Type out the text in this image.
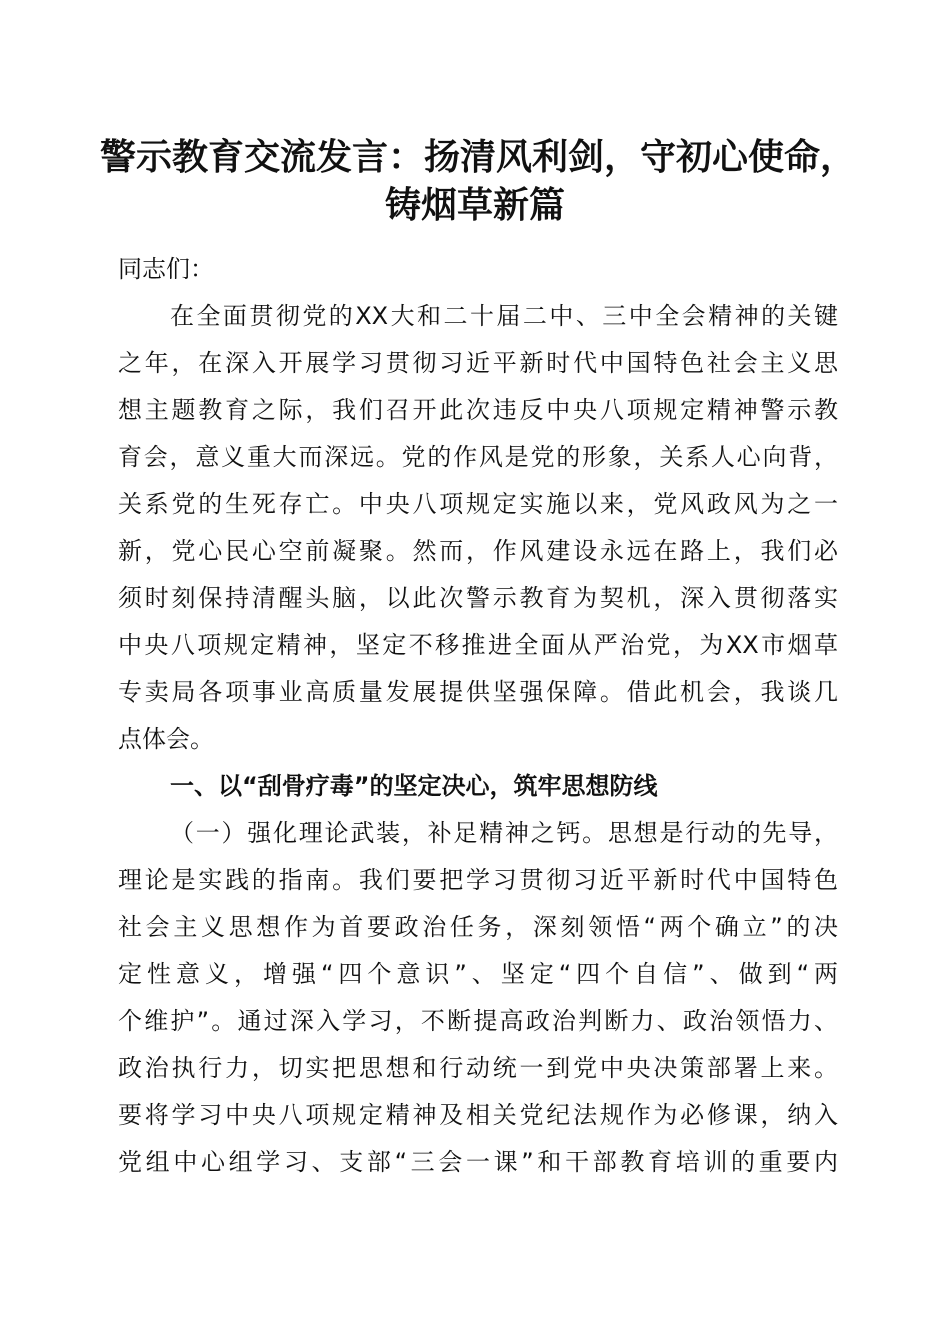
警示教育交流发言：扬清风利剑，守初心使命，
铸烟草新篇
同志们：
在全面贯彻党的XX大和二十届二中、三中全会精神的关键
之年，在深入开展学习贯彻习近平新时代中国特色社会主义思
想主题教育之际，我们召开此次违反中央八项规定精神警示教
育会，意义重大而深远。党的作风是党的形象，关系人心向背，
关系党的生死存亡。中央八项规定实施以来，党风政风为之一
新，党心民心空前凝聚。然而，作风建设永远在路上，我们必
须时刻保持清醒头脑，以此次警示教育为契机，深入贯彻落实
中央八项规定精神，坚定不移推进全面从严治党，为XX市烟草
专卖局各项事业高质量发展提供坚强保障。借此机会，我谈几
点体会。
一、以“刮骨疗毒”的坚定决心，筑牢思想防线
（一）强化理论武装，补足精神之钙。思想是行动的先导，
理论是实践的指南。我们要把学习贯彻习近平新时代中国特色
社会主义思想作为首要政治任务，深刻领悟“两个确立”的决
定性意义，增强“四个意识”、坚定“四个自信”、做到“两
个维护”。通过深入学习，不断提高政治判断力、政治领悟力、
政治执行力，切实把思想和行动统一到党中央决策部署上来。
要将学习中央八项规定精神及相关党纪法规作为必修课，纳入
党组中心组学习、支部“三会一课”和干部教育培训的重要内
